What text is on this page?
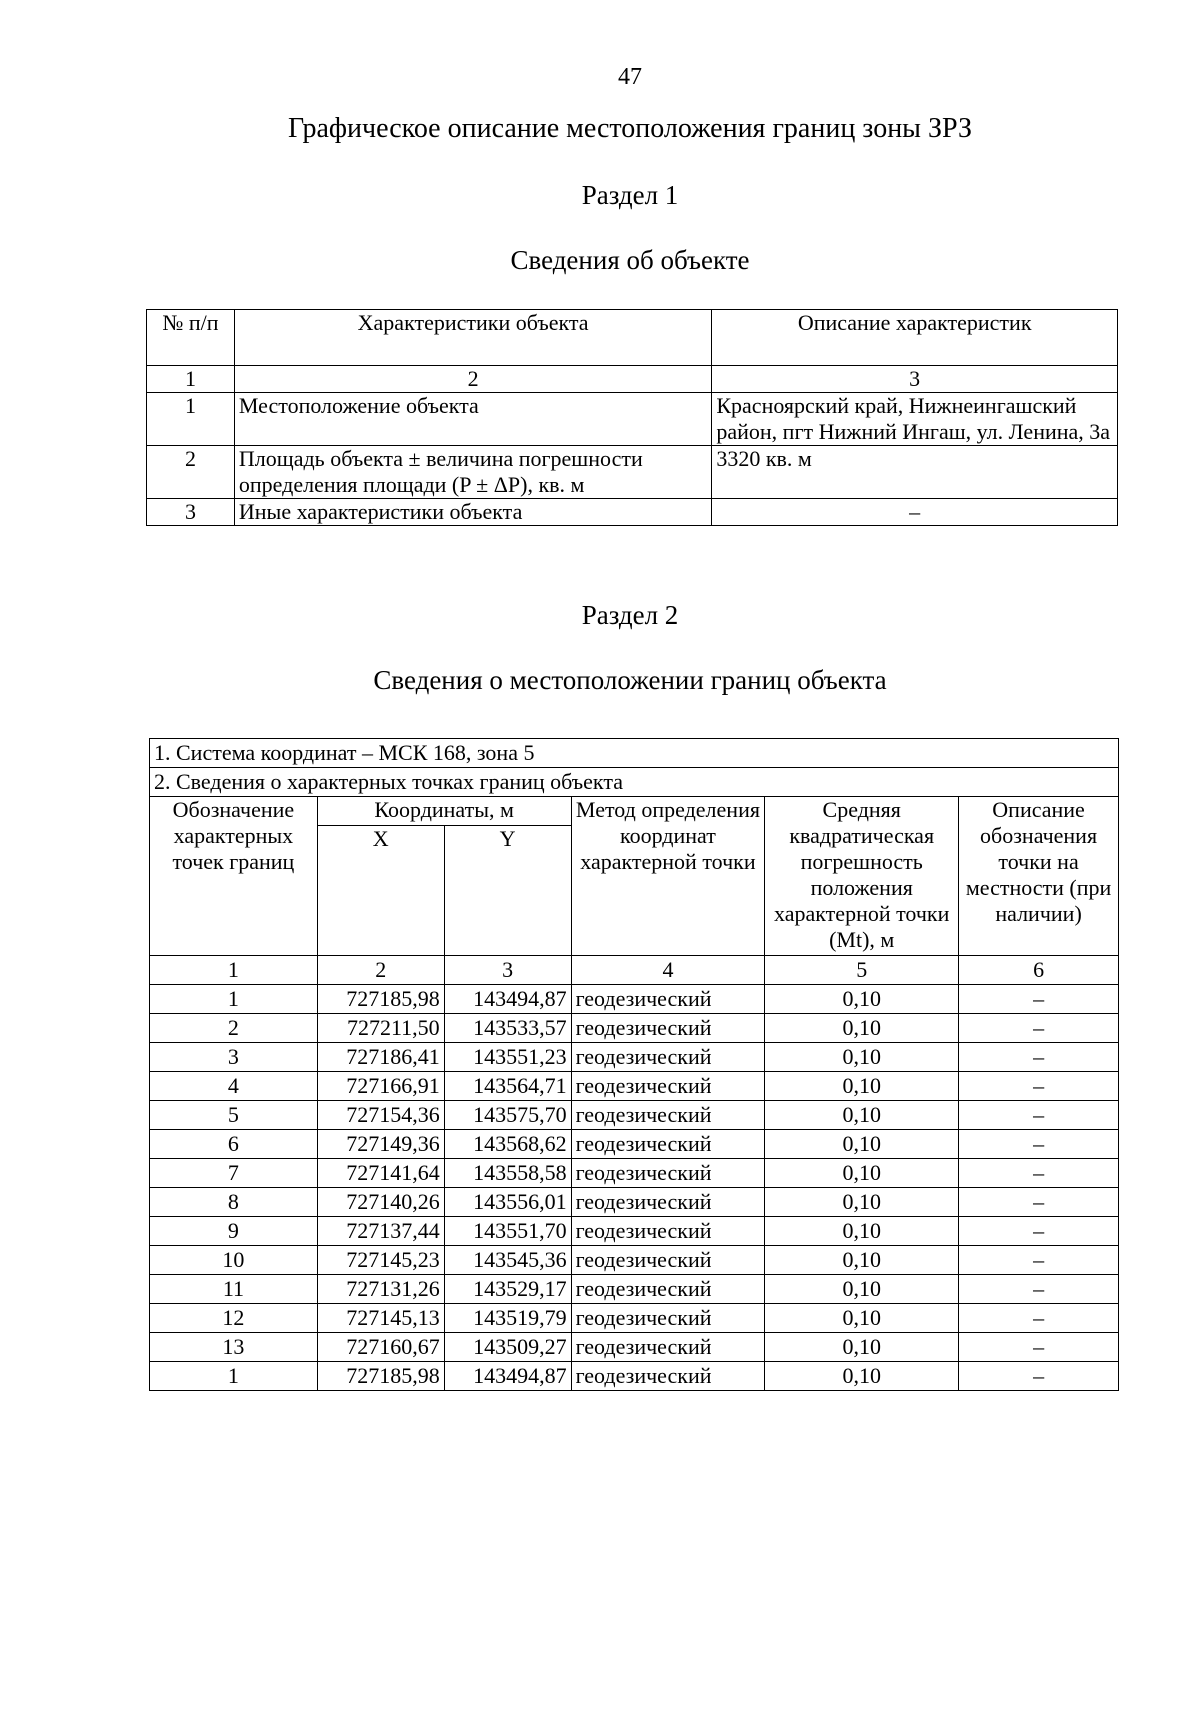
47
Графическое описание местоположения границ зоны ЗРЗ
Раздел 1
Сведения об объекте
№ п/п	Характеристики объекта	Описание характеристик
1	2	3
1	Местоположение объекта	Красноярский край, Нижнеингашский район, пгт Нижний Ингаш, ул. Ленина, 3а
2	Площадь объекта ± величина погрешности определения площади (P ± ΔP), кв. м	3320 кв. м
3	Иные характеристики объекта	–
Раздел 2
Сведения о местоположении границ объекта
1. Система координат – МСК 168, зона 5					
2. Сведения о характерных точках границ объекта					
Обозначение характерных точек границ	Координаты, м		Метод определения координат характерной точки	Средняя квадратическая погрешность положения характерной точки (Mt), м	Описание обозначения точки на местности (при наличии)
	X	Y			
1	2	3	4	5	6
1	727185,98	143494,87	геодезический	0,10	–
2	727211,50	143533,57	геодезический	0,10	–
3	727186,41	143551,23	геодезический	0,10	–
4	727166,91	143564,71	геодезический	0,10	–
5	727154,36	143575,70	геодезический	0,10	–
6	727149,36	143568,62	геодезический	0,10	–
7	727141,64	143558,58	геодезический	0,10	–
8	727140,26	143556,01	геодезический	0,10	–
9	727137,44	143551,70	геодезический	0,10	–
10	727145,23	143545,36	геодезический	0,10	–
11	727131,26	143529,17	геодезический	0,10	–
12	727145,13	143519,79	геодезический	0,10	–
13	727160,67	143509,27	геодезический	0,10	–
1	727185,98	143494,87	геодезический	0,10	–
